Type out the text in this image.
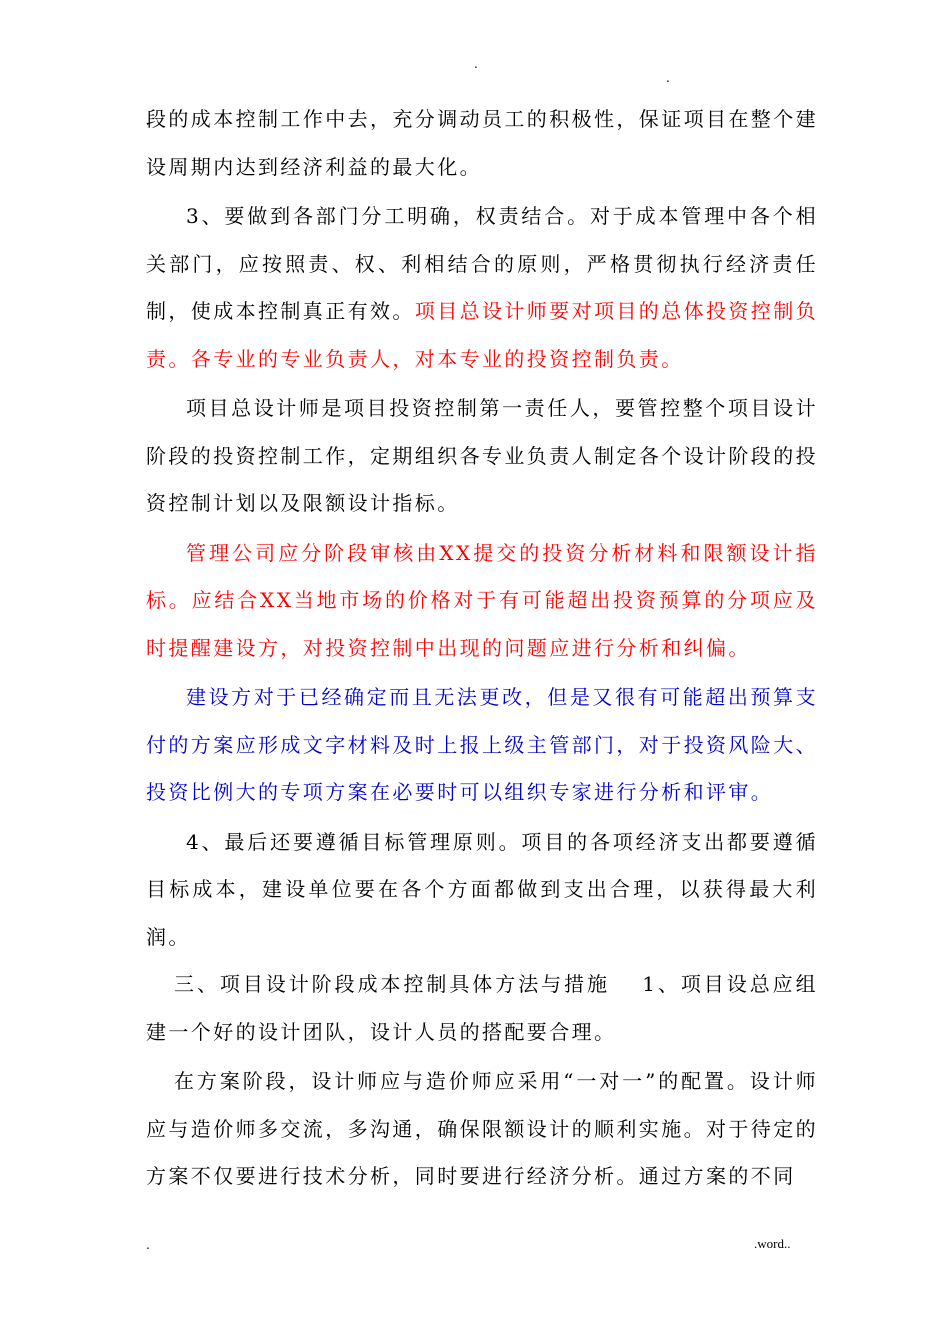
.
.

段的成本控制工作中去，充分调动员工的积极性，保证项目在整个建设周期内达到经济利益的最大化。

3、要做到各部门分工明确，权责结合。对于成本管理中各个相关部门，应按照责、权、利相结合的原则，严格贯彻执行经济责任制，使成本控制真正有效。项目总设计师要对项目的总体投资控制负责。各专业的专业负责人，对本专业的投资控制负责。

项目总设计师是项目投资控制第一责任人，要管控整个项目设计阶段的投资控制工作，定期组织各专业负责人制定各个设计阶段的投资控制计划以及限额设计指标。

管理公司应分阶段审核由XX提交的投资分析材料和限额设计指标。应结合XX当地市场的价格对于有可能超出投资预算的分项应及时提醒建设方，对投资控制中出现的问题应进行分析和纠偏。

建设方对于已经确定而且无法更改，但是又很有可能超出预算支付的方案应形成文字材料及时上报上级主管部门，对于投资风险大、投资比例大的专项方案在必要时可以组织专家进行分析和评审。

4、最后还要遵循目标管理原则。项目的各项经济支出都要遵循目标成本，建设单位要在各个方面都做到支出合理，以获得最大利润。

三、项目设计阶段成本控制具体方法与措施　 1、项目设总应组建一个好的设计团队，设计人员的搭配要合理。

在方案阶段，设计师应与造价师应采用“一对一”的配置。设计师应与造价师多交流，多沟通，确保限额设计的顺利实施。对于待定的方案不仅要进行技术分析，同时要进行经济分析。通过方案的不同

.	.word..
